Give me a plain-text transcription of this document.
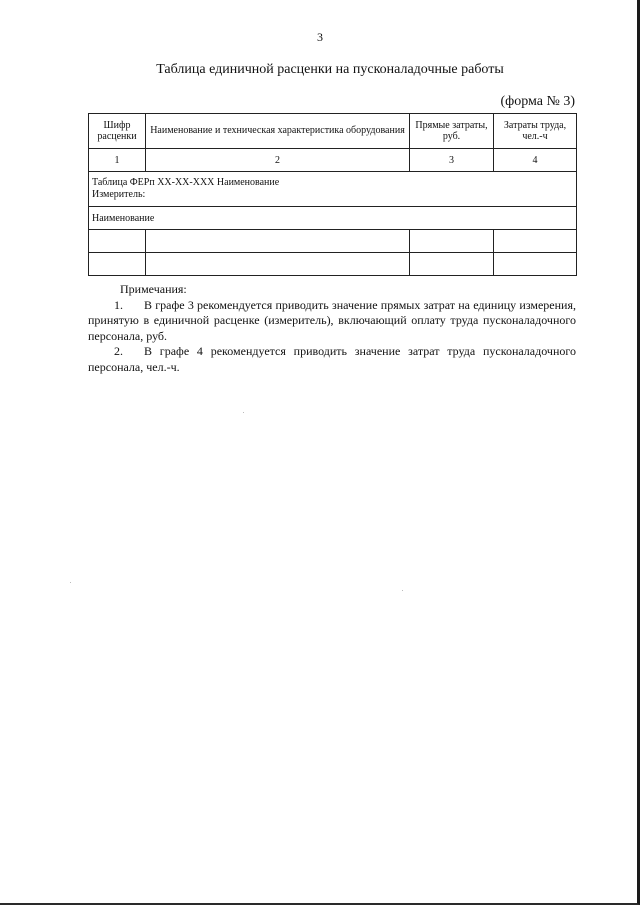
3
Таблица единичной расценки на пусконаладочные работы
(форма № 3)
Шифр расценки	Наименование и техническая характеристика оборудования	Прямые затраты, руб.	Затраты труда, чел.-ч
1	2	3	4

Таблица ФЕРп XX-XX-XXX Наименование
Измеритель:			

Наименование			

Примечания:

1. В графе 3 рекомендуется приводить значение прямых затрат на единицу измерения, принятую в единичной расценке (измеритель), включающий оплату труда пусконаладочного персонала, руб.

2. В графе 4 рекомендуется приводить значение затрат труда пусконаладочного персонала, чел.-ч.
